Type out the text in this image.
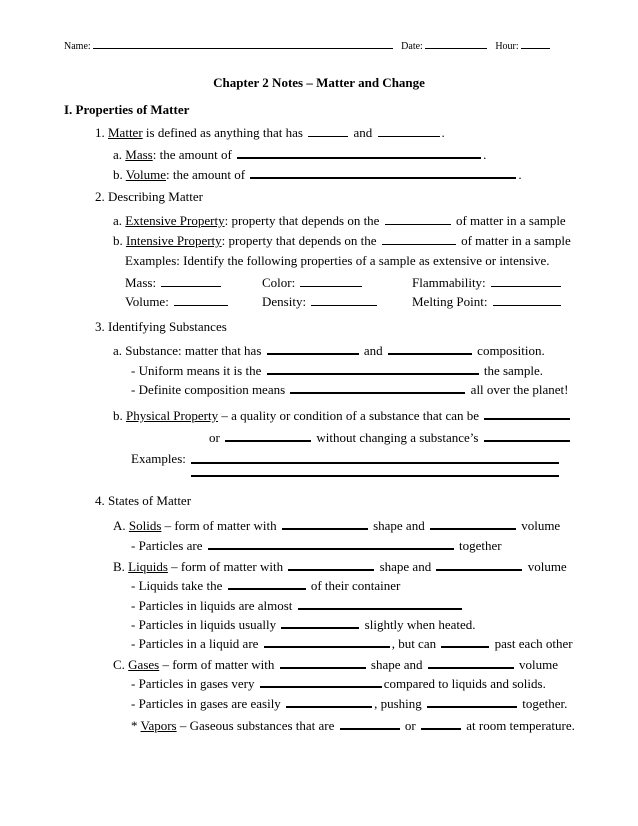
Name:	Date:	Hour:
Chapter 2 Notes – Matter and Change
I. Properties of Matter
1. Matter is defined as anything that has	and	.
a. Mass: the amount of	.
b. Volume: the amount of	.
2. Describing Matter
a. Extensive Property: property that depends on the	of matter in a sample
b. Intensive Property: property that depends on the	of matter in a sample
Examples: Identify the following properties of a sample as extensive or intensive.
Mass:	Color:	Flammability:
Volume:	Density:	Melting Point:
3. Identifying Substances
a. Substance: matter that has	and	composition.
- Uniform means it is the	the sample.
- Definite composition means	all over the planet!
b. Physical Property – a quality or condition of a substance that can be
or	without changing a substance’s
Examples:
4. States of Matter
A. Solids – form of matter with	shape and	volume
- Particles are	together
B. Liquids – form of matter with	shape and	volume
- Liquids take the	of their container
- Particles in liquids are almost
- Particles in liquids usually	slightly when heated.
- Particles in a liquid are	, but can	past each other
C. Gases – form of matter with	shape and	volume
- Particles in gases very	compared to liquids and solids.
- Particles in gases are easily	, pushing	together.
* Vapors – Gaseous substances that are	or	at room temperature.
